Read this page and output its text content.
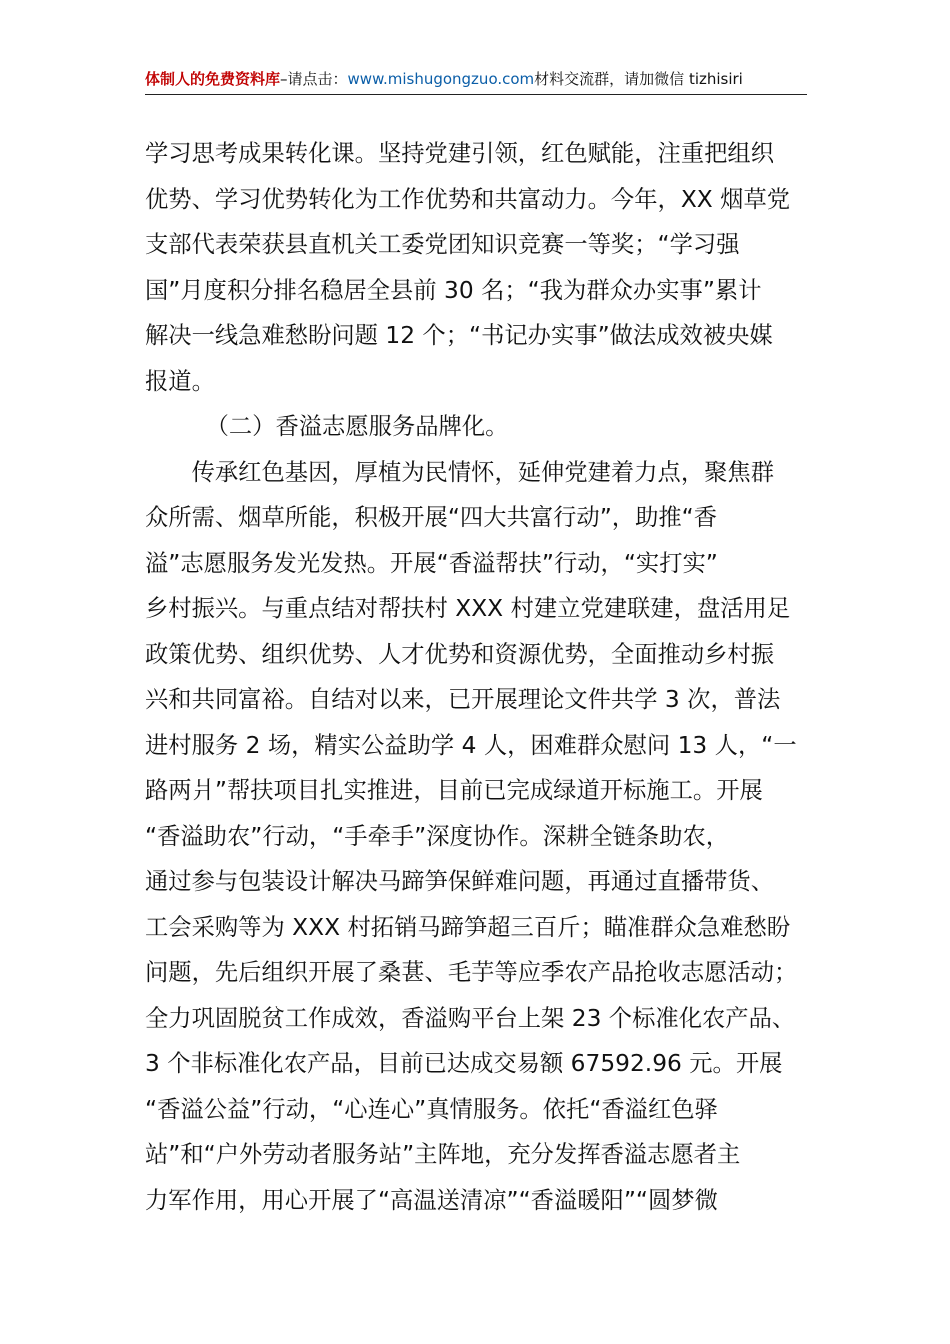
体制人的免费资料库–请点击：www.mishugongzuo.com材料交流群，请加微信 tizhisiri

学习思考成果转化课。坚持党建引领，红色赋能，注重把组织
优势、学习优势转化为工作优势和共富动力。今年，XX 烟草党
支部代表荣获县直机关工委党团知识竞赛一等奖；“学习强
国”月度积分排名稳居全县前 30 名；“我为群众办实事”累计
解决一线急难愁盼问题 12 个；“书记办实事”做法成效被央媒
报道。

（二）香溢志愿服务品牌化。

传承红色基因，厚植为民情怀，延伸党建着力点，聚焦群
众所需、烟草所能，积极开展“四大共富行动”，助推“香
溢”志愿服务发光发热。开展“香溢帮扶”行动，“实打实”
乡村振兴。与重点结对帮扶村 XXX 村建立党建联建，盘活用足
政策优势、组织优势、人才优势和资源优势，全面推动乡村振
兴和共同富裕。自结对以来，已开展理论文件共学 3 次，普法
进村服务 2 场，精实公益助学 4 人，困难群众慰问 13 人，“一
路两爿”帮扶项目扎实推进，目前已完成绿道开标施工。开展
“香溢助农”行动，“手牵手”深度协作。深耕全链条助农，
通过参与包装设计解决马蹄笋保鲜难问题，再通过直播带货、
工会采购等为 XXX 村拓销马蹄笋超三百斤；瞄准群众急难愁盼
问题，先后组织开展了桑葚、毛芋等应季农产品抢收志愿活动；
全力巩固脱贫工作成效，香溢购平台上架 23 个标准化农产品、
3 个非标准化农产品，目前已达成交易额 67592.96 元。开展
“香溢公益”行动，“心连心”真情服务。依托“香溢红色驿
站”和“户外劳动者服务站”主阵地，充分发挥香溢志愿者主
力军作用，用心开展了“高温送清凉”“香溢暖阳”“圆梦微
